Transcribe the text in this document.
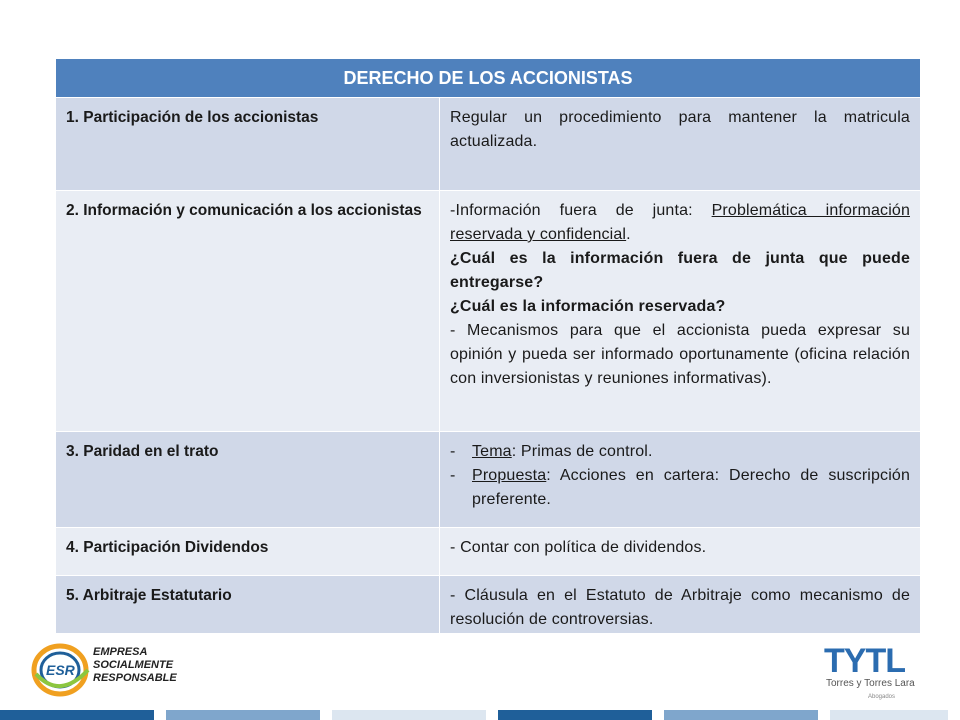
DERECHO DE LOS ACCIONISTAS	
1. Participación de los accionistas	Regular un procedimiento para mantener la matricula actualizada.
2. Información y comunicación a los accionistas	-Información fuera de junta: Problemática información reservada y confidencial.
¿Cuál es la información fuera de junta que puede entregarse?
¿Cuál es la información reservada?
- Mecanismos para que el accionista pueda expresar su opinión y pueda ser informado oportunamente (oficina relación con inversionistas y reuniones informativas).
3. Paridad en el trato	- Tema: Primas de control.
- Propuesta: Acciones en cartera: Derecho de suscripción preferente.

4. Participación Dividendos	- Contar con política de dividendos.
5. Arbitraje Estatutario	- Cláusula en el Estatuto de Arbitraje como mecanismo de resolución de controversias.
ESR
EMPRESA
SOCIALMENTE
RESPONSABLE	TYTL
Torres y Torres Lara
Abogados
